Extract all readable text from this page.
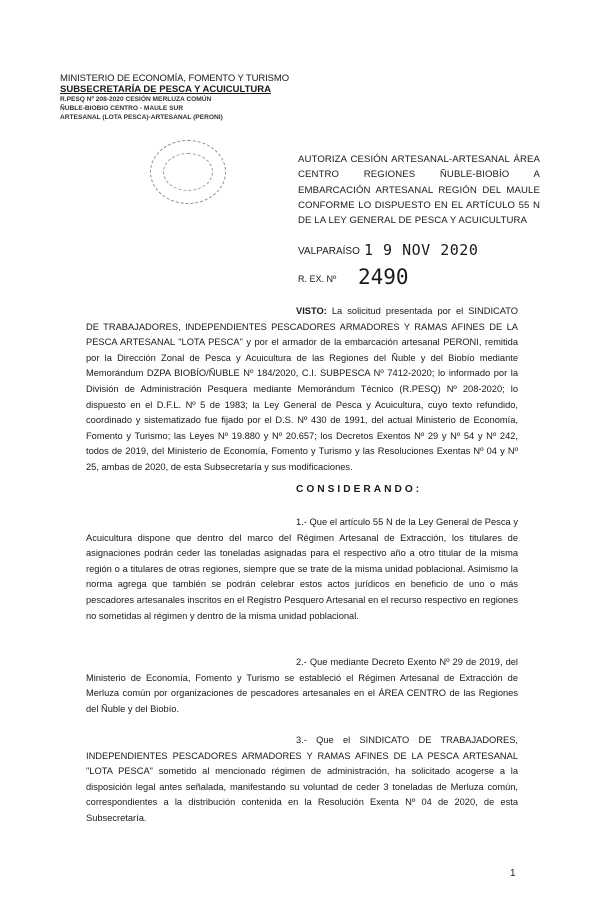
MINISTERIO DE ECONOMÍA, FOMENTO Y TURISMO
SUBSECRETARÍA DE PESCA Y ACUICULTURA
R.PESQ Nº 208-2020 CESIÓN MERLUZA COMÚN
ÑUBLE-BIOBIO CENTRO - MAULE SUR
ARTESANAL (LOTA PESCA)-ARTESANAL (PERONI)
AUTORIZA CESIÓN ARTESANAL-ARTESANAL ÁREA CENTRO REGIONES ÑUBLE-BIOBÍO A EMBARCACIÓN ARTESANAL REGIÓN DEL MAULE CONFORME LO DISPUESTO EN EL ARTÍCULO 55 N DE LA LEY GENERAL DE PESCA Y ACUICULTURA
VALPARAÍSO 1 9 NOV 2020
R. EX. Nº 2490
VISTO: La solicitud presentada por el SINDICATO DE TRABAJADORES, INDEPENDIENTES PESCADORES ARMADORES Y RAMAS AFINES DE LA PESCA ARTESANAL "LOTA PESCA" y por el armador de la embarcación artesanal PERONI, remitida por la Dirección Zonal de Pesca y Acuicultura de las Regiones del Ñuble y del Biobío mediante Memorándum DZPA BIOBÍO/ÑUBLE Nº 184/2020, C.I. SUBPESCA Nº 7412-2020; lo informado por la División de Administración Pesquera mediante Memorándum Técnico (R.PESQ) Nº 208-2020; lo dispuesto en el D.F.L. Nº 5 de 1983; la Ley General de Pesca y Acuicultura, cuyo texto refundido, coordinado y sistematizado fue fijado por el D.S. Nº 430 de 1991, del actual Ministerio de Economía, Fomento y Turismo; las Leyes Nº 19.880 y Nº 20.657; los Decretos Exentos Nº 29 y Nº 54 y Nº 242, todos de 2019, del Ministerio de Economía, Fomento y Turismo y las Resoluciones Exentas Nº 04 y Nº 25, ambas de 2020, de esta Subsecretaría y sus modificaciones.
CONSIDERANDO:
1.- Que el artículo 55 N de la Ley General de Pesca y Acuicultura dispone que dentro del marco del Régimen Artesanal de Extracción, los titulares de asignaciones podrán ceder las toneladas asignadas para el respectivo año a otro titular de la misma región o a titulares de otras regiones, siempre que se trate de la misma unidad poblacional. Asimismo la norma agrega que también se podrán celebrar estos actos jurídicos en beneficio de uno o más pescadores artesanales inscritos en el Registro Pesquero Artesanal en el recurso respectivo en regiones no sometidas al régimen y dentro de la misma unidad poblacional.
2.- Que mediante Decreto Exento Nº 29 de 2019, del Ministerio de Economía, Fomento y Turismo se estableció el Régimen Artesanal de Extracción de Merluza común por organizaciones de pescadores artesanales en el ÁREA CENTRO de las Regiones del Ñuble y del Biobío.
3.- Que el SINDICATO DE TRABAJADORES, INDEPENDIENTES PESCADORES ARMADORES Y RAMAS AFINES DE LA PESCA ARTESANAL "LOTA PESCA" sometido al mencionado régimen de administración, ha solicitado acogerse a la disposición legal antes señalada, manifestando su voluntad de ceder 3 toneladas de Merluza común, correspondientes a la distribución contenida en la Resolución Exenta Nº 04 de 2020, de esta Subsecretaría.
1
